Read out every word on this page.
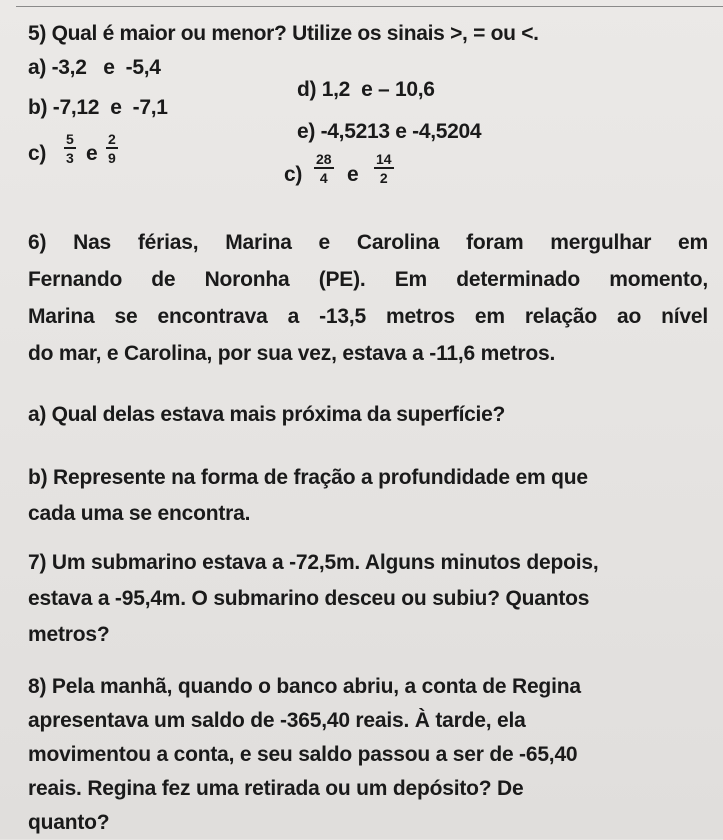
5) Qual é maior ou menor? Utilize os sinais >, = ou <.
a) -3,2   e  -5,4
b) -7,12  e  -7,1
$c) \frac{5}{3}$ e $\frac{2}{9}$
d) 1,2  e – 10,6
e) -4,5213 e -4,5204
$c) \frac{28}{4}$ e $\frac{14}{2}$
6) Nas férias, Marina e Carolina foram mergulhar em
Fernando de Noronha (PE). Em determinado momento,
Marina se encontrava a -13,5 metros em relação ao nível
do mar, e Carolina, por sua vez, estava a -11,6 metros.
a) Qual delas estava mais próxima da superfície?
b) Represente na forma de fração a profundidade em que
cada uma se encontra.
7) Um submarino estava a -72,5m. Alguns minutos depois,
estava a -95,4m. O submarino desceu ou subiu? Quantos
metros?
8) Pela manhã, quando o banco abriu, a conta de Regina
apresentava um saldo de -365,40 reais. À tarde, ela
movimentou a conta, e seu saldo passou a ser de -65,40
reais. Regina fez uma retirada ou um depósito? De
quanto?
